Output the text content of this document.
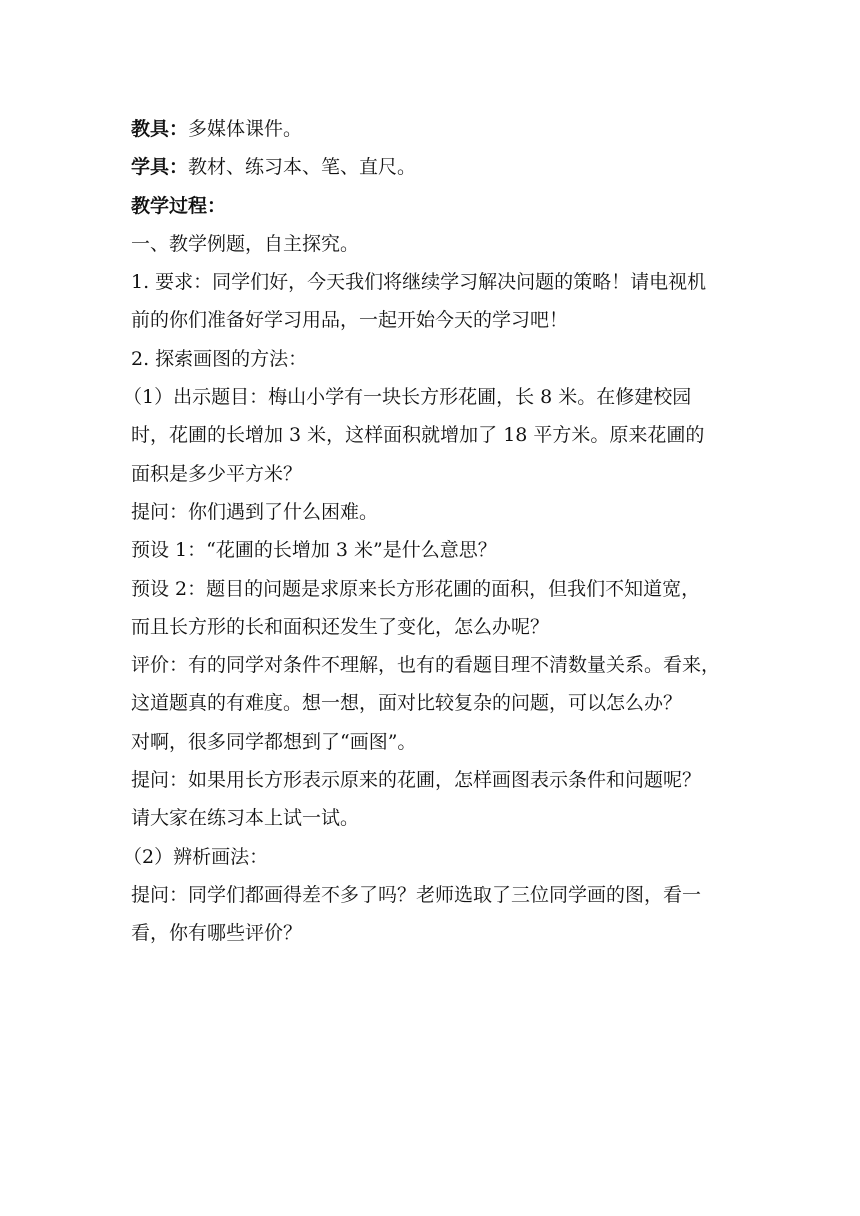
教具：多媒体课件。

学具：教材、练习本、笔、直尺。

教学过程：

一、教学例题，自主探究。

1. 要求：同学们好，今天我们将继续学习解决问题的策略！请电视机

前的你们准备好学习用品，一起开始今天的学习吧！

2. 探索画图的方法：

（1）出示题目：梅山小学有一块长方形花圃，长 8 米。在修建校园

时，花圃的长增加 3 米，这样面积就增加了 18 平方米。原来花圃的

面积是多少平方米？

提问：你们遇到了什么困难。

预设 1：“花圃的长增加 3 米”是什么意思？

预设 2：题目的问题是求原来长方形花圃的面积，但我们不知道宽，

而且长方形的长和面积还发生了变化，怎么办呢？

评价：有的同学对条件不理解，也有的看题目理不清数量关系。看来，

这道题真的有难度。想一想，面对比较复杂的问题，可以怎么办？

对啊，很多同学都想到了“画图”。

提问：如果用长方形表示原来的花圃，怎样画图表示条件和问题呢？

请大家在练习本上试一试。

（2）辨析画法：

提问：同学们都画得差不多了吗？老师选取了三位同学画的图，看一

看，你有哪些评价？
